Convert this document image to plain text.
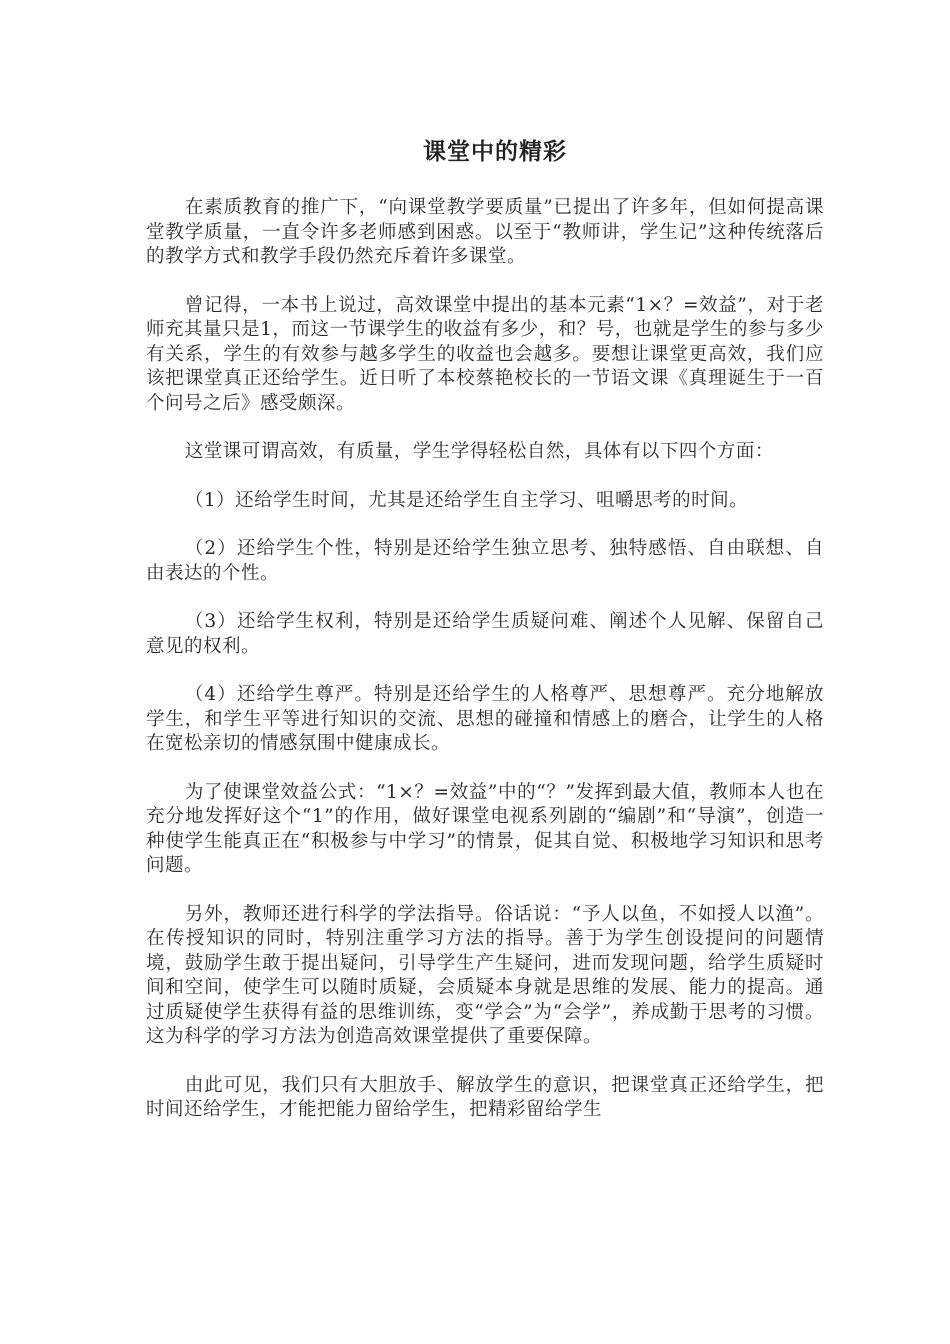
课堂中的精彩

在素质教育的推广下，“向课堂教学要质量”已提出了许多年，但如何提高课堂教学质量，一直令许多老师感到困惑。以至于“教师讲，学生记”这种传统落后的教学方式和教学手段仍然充斥着许多课堂。

曾记得，一本书上说过，高效课堂中提出的基本元素“1×？=效益”，对于老师充其量只是1，而这一节课学生的收益有多少，和？号，也就是学生的参与多少有关系，学生的有效参与越多学生的收益也会越多。要想让课堂更高效，我们应该把课堂真正还给学生。近日听了本校蔡艳校长的一节语文课《真理诞生于一百个问号之后》感受颇深。

这堂课可谓高效，有质量，学生学得轻松自然，具体有以下四个方面：

（1）还给学生时间，尤其是还给学生自主学习、咀嚼思考的时间。

（2）还给学生个性，特别是还给学生独立思考、独特感悟、自由联想、自由表达的个性。

（3）还给学生权利，特别是还给学生质疑问难、阐述个人见解、保留自己意见的权利。

（4）还给学生尊严。特别是还给学生的人格尊严、思想尊严。充分地解放学生，和学生平等进行知识的交流、思想的碰撞和情感上的磨合，让学生的人格在宽松亲切的情感氛围中健康成长。

为了使课堂效益公式：“1×？=效益”中的“？”发挥到最大值，教师本人也在充分地发挥好这个“1”的作用，做好课堂电视系列剧的“编剧”和“导演”，创造一种使学生能真正在“积极参与中学习”的情景，促其自觉、积极地学习知识和思考问题。

另外，教师还进行科学的学法指导。俗话说：“予人以鱼，不如授人以渔”。在传授知识的同时，特别注重学习方法的指导。善于为学生创设提问的问题情境，鼓励学生敢于提出疑问，引导学生产生疑问，进而发现问题，给学生质疑时间和空间，使学生可以随时质疑，会质疑本身就是思维的发展、能力的提高。通过质疑使学生获得有益的思维训练，变“学会”为“会学”，养成勤于思考的习惯。这为科学的学习方法为创造高效课堂提供了重要保障。

由此可见，我们只有大胆放手、解放学生的意识，把课堂真正还给学生，把时间还给学生，才能把能力留给学生，把精彩留给学生
